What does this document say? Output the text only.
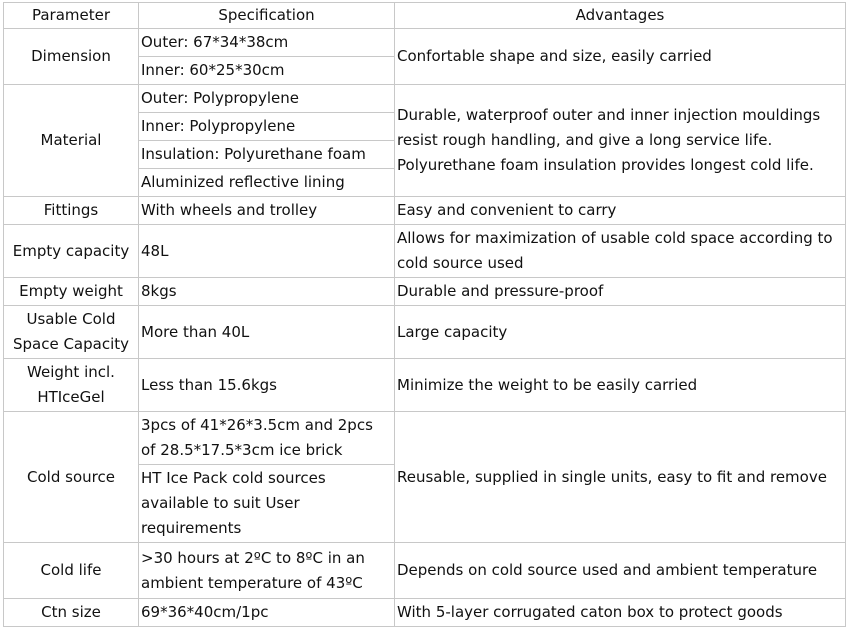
Parameter	Specification	Advantages
Dimension	Outer: 67*34*38cm	Confortable shape and size, easily carried
	Inner: 60*25*30cm	
Material	Outer: Polypropylene	Durable, waterproof outer and inner injection mouldings resist rough handling, and give a long service life. Polyurethane foam insulation provides longest cold life.
	Inner: Polypropylene	
	Insulation: Polyurethane foam	
	Aluminized reflective lining	
Fittings	With wheels and trolley	Easy and convenient to carry
Empty capacity	48L	Allows for maximization of usable cold space according to cold source used
Empty weight	8kgs	Durable and pressure-proof
Usable Cold Space Capacity	More than 40L	Large capacity
Weight incl. HTIceGel	Less than 15.6kgs	Minimize the weight to be easily carried
Cold source	3pcs of 41*26*3.5cm and 2pcs of 28.5*17.5*3cm ice brick	Reusable, supplied in single units, easy to fit and remove
	HT Ice Pack cold sources available to suit User requirements	
Cold life	>30 hours at 2ºC to 8ºC in an ambient temperature of 43ºC	Depends on cold source used and ambient temperature
Ctn size	69*36*40cm/1pc	With 5-layer corrugated caton box to protect goods
